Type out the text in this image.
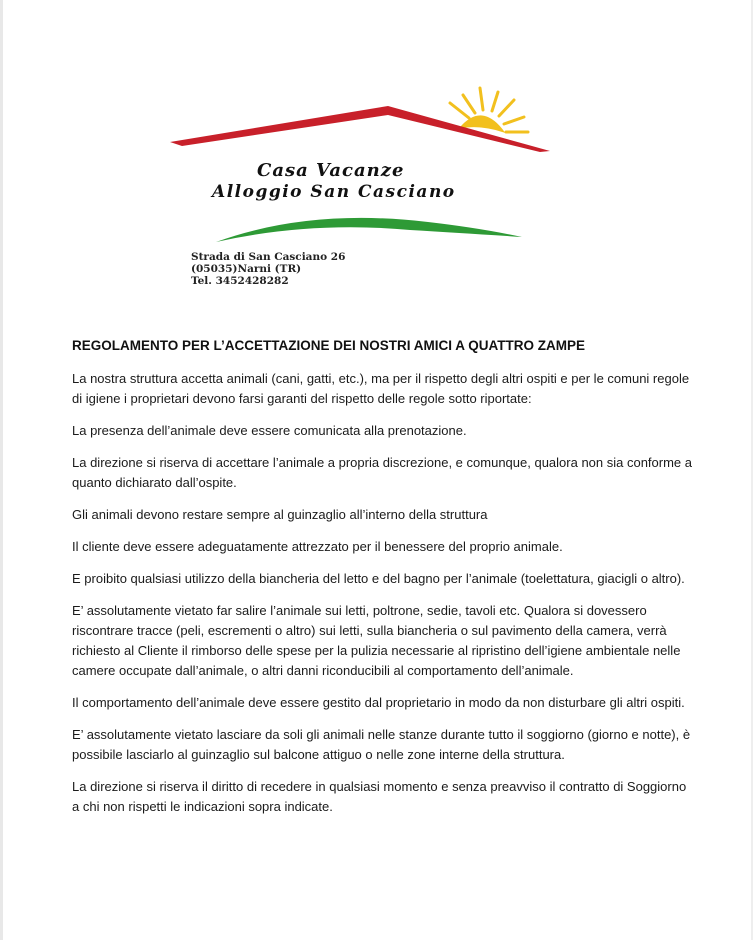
Casa Vacanze
Alloggio San Casciano
Strada di San Casciano 26
(05035)Narni (TR)
Tel. 3452428282
REGOLAMENTO PER L’ACCETTAZIONE DEI NOSTRI AMICI A QUATTRO ZAMPE

La nostra struttura accetta animali (cani, gatti, etc.), ma per il rispetto degli altri ospiti e per le comuni regole di igiene i proprietari devono farsi garanti del rispetto delle regole sotto riportate:

La presenza dell’animale deve essere comunicata alla prenotazione.

La direzione si riserva di accettare l’animale a propria discrezione, e comunque, qualora non sia conforme a quanto dichiarato dall’ospite.

Gli animali devono restare sempre al guinzaglio all’interno della struttura

Il cliente deve essere adeguatamente attrezzato per il benessere del proprio animale.

E proibito qualsiasi utilizzo della biancheria del letto e del bagno per l’animale (toelettatura, giacigli o altro).

E’ assolutamente vietato far salire l’animale sui letti, poltrone, sedie, tavoli etc. Qualora si dovessero riscontrare tracce (peli, escrementi o altro) sui letti, sulla biancheria o sul pavimento della camera, verrà richiesto al Cliente il rimborso delle spese per la pulizia necessarie al ripristino dell’igiene ambientale nelle camere occupate dall’animale, o altri danni riconducibili al comportamento dell’animale.

Il comportamento dell’animale deve essere gestito dal proprietario in modo da non disturbare gli altri ospiti.

E’ assolutamente vietato lasciare da soli gli animali nelle stanze durante tutto il soggiorno (giorno e notte), è possibile lasciarlo al guinzaglio sul balcone attiguo o nelle zone interne della struttura.

La direzione si riserva il diritto di recedere in qualsiasi momento e senza preavviso il contratto di Soggiorno a chi non rispetti le indicazioni sopra indicate.
